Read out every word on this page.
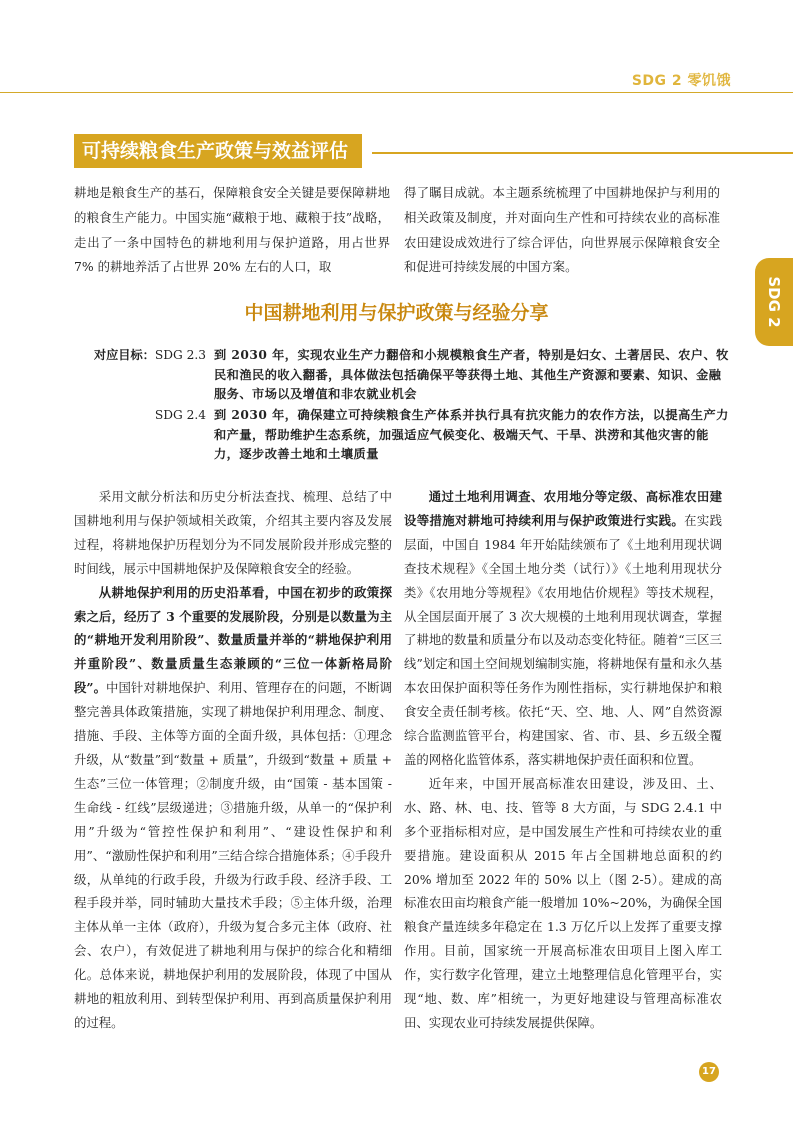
SDG 2 零饥饿
SDG 2
可持续粮食生产政策与效益评估
耕地是粮食生产的基石，保障粮食安全关键是要保障耕地的粮食生产能力。中国实施“藏粮于地、藏粮于技”战略，走出了一条中国特色的耕地利用与保护道路，用占世界 7% 的耕地养活了占世界 20% 左右的人口，取
得了瞩目成就。本主题系统梳理了中国耕地保护与利用的相关政策及制度，并对面向生产性和可持续农业的高标准农田建设成效进行了综合评估，向世界展示保障粮食安全和促进可持续发展的中国方案。
中国耕地利用与保护政策与经验分享
对应目标：SDG 2.3 到 2030 年，实现农业生产力翻倍和小规模粮食生产者，特别是妇女、土著居民、农户、牧民和渔民的收入翻番，具体做法包括确保平等获得土地、其他生产资源和要素、知识、金融服务、市场以及增值和非农就业机会
SDG 2.4 到 2030 年，确保建立可持续粮食生产体系并执行具有抗灾能力的农作方法，以提高生产力和产量，帮助维护生态系统，加强适应气候变化、极端天气、干旱、洪涝和其他灾害的能力，逐步改善土地和土壤质量

采用文献分析法和历史分析法查找、梳理、总结了中国耕地利用与保护领域相关政策，介绍其主要内容及发展过程，将耕地保护历程划分为不同发展阶段并形成完整的时间线，展示中国耕地保护及保障粮食安全的经验。

从耕地保护利用的历史沿革看，中国在初步的政策探索之后，经历了 3 个重要的发展阶段，分别是以数量为主的“耕地开发利用阶段”、数量质量并举的“耕地保护利用并重阶段”、数量质量生态兼顾的“三位一体新格局阶段”。中国针对耕地保护、利用、管理存在的问题，不断调整完善具体政策措施，实现了耕地保护利用理念、制度、措施、手段、主体等方面的全面升级，具体包括：①理念升级，从“数量”到“数量 + 质量”，升级到“数量 + 质量 + 生态”三位一体管理；②制度升级，由“国策 - 基本国策 - 生命线 - 红线”层级递进；③措施升级，从单一的“保护利用”升级为“管控性保护和利用”、“建设性保护和利用”、“激励性保护和利用”三结合综合措施体系；④手段升级，从单纯的行政手段，升级为行政手段、经济手段、工程手段并举，同时辅助大量技术手段；⑤主体升级，治理主体从单一主体（政府），升级为复合多元主体（政府、社会、农户），有效促进了耕地利用与保护的综合化和精细化。总体来说，耕地保护利用的发展阶段，体现了中国从耕地的粗放利用、到转型保护利用、再到高质量保护利用的过程。

通过土地利用调查、农用地分等定级、高标准农田建设等措施对耕地可持续利用与保护政策进行实践。在实践层面，中国自 1984 年开始陆续颁布了《土地利用现状调查技术规程》《全国土地分类（试行）》《土地利用现状分类》《农用地分等规程》《农用地估价规程》等技术规程，从全国层面开展了 3 次大规模的土地利用现状调查，掌握了耕地的数量和质量分布以及动态变化特征。随着“三区三线”划定和国土空间规划编制实施，将耕地保有量和永久基本农田保护面积等任务作为刚性指标，实行耕地保护和粮食安全责任制考核。依托“天、空、地、人、网”自然资源综合监测监管平台，构建国家、省、市、县、乡五级全覆盖的网格化监管体系，落实耕地保护责任面积和位置。

近年来，中国开展高标准农田建设，涉及田、土、水、路、林、电、技、管等 8 大方面，与 SDG 2.4.1 中多个亚指标相对应，是中国发展生产性和可持续农业的重要措施。建设面积从 2015 年占全国耕地总面积的约 20% 增加至 2022 年的 50% 以上（图 2-5）。建成的高标准农田亩均粮食产能一般增加 10%~20%，为确保全国粮食产量连续多年稳定在 1.3 万亿斤以上发挥了重要支撑作用。目前，国家统一开展高标准农田项目上图入库工作，实行数字化管理，建立土地整理信息化管理平台，实现“地、数、库”相统一，为更好地建设与管理高标准农田、实现农业可持续发展提供保障。

17
